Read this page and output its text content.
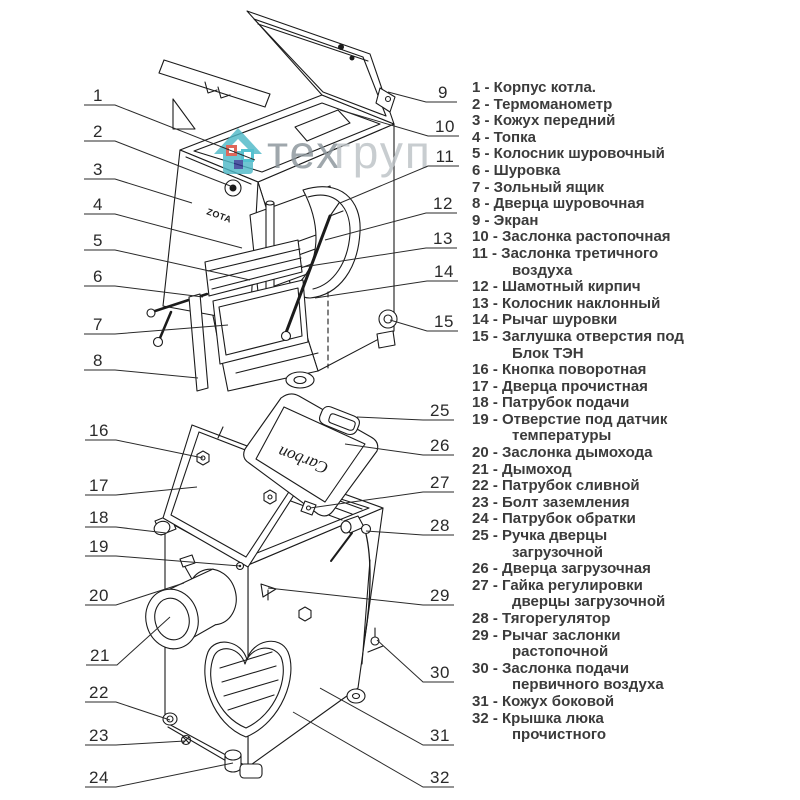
ZOTA
Carbon
тех
груп
1
2
3
4
5
6
7
8
9
10
11
12
13
14
15
16
17
18
19
20
21
22
23
24
25
26
27
28
29
30
31
32
1 - Корпус котла.
2 - Термоманометр
3 - Кожух передний
4 - Топка
5 - Колосник шуровочный
6 - Шуровка
7 - Зольный ящик
8 - Дверца шуровочная
9 - Экран
10 - Заслонка растопочная
11 - Заслонка третичного
воздуха
12 - Шамотный кирпич
13 - Колосник наклонный
14 - Рычаг шуровки
15 - Заглушка отверстия под
Блок ТЭН
16 - Кнопка поворотная
17 - Дверца прочистная
18 - Патрубок подачи
19 - Отверстие под датчик
температуры
20 - Заслонка дымохода
21 - Дымоход
22 - Патрубок сливной
23 - Болт заземления
24 - Патрубок обратки
25 - Ручка дверцы
загрузочной
26 - Дверца загрузочная
27 - Гайка регулировки
дверцы загрузочной
28 - Тягорегулятор
29 - Рычаг заслонки
растопочной
30 - Заслонка подачи
первичного воздуха
31 - Кожух боковой
32 - Крышка люка
прочистного
